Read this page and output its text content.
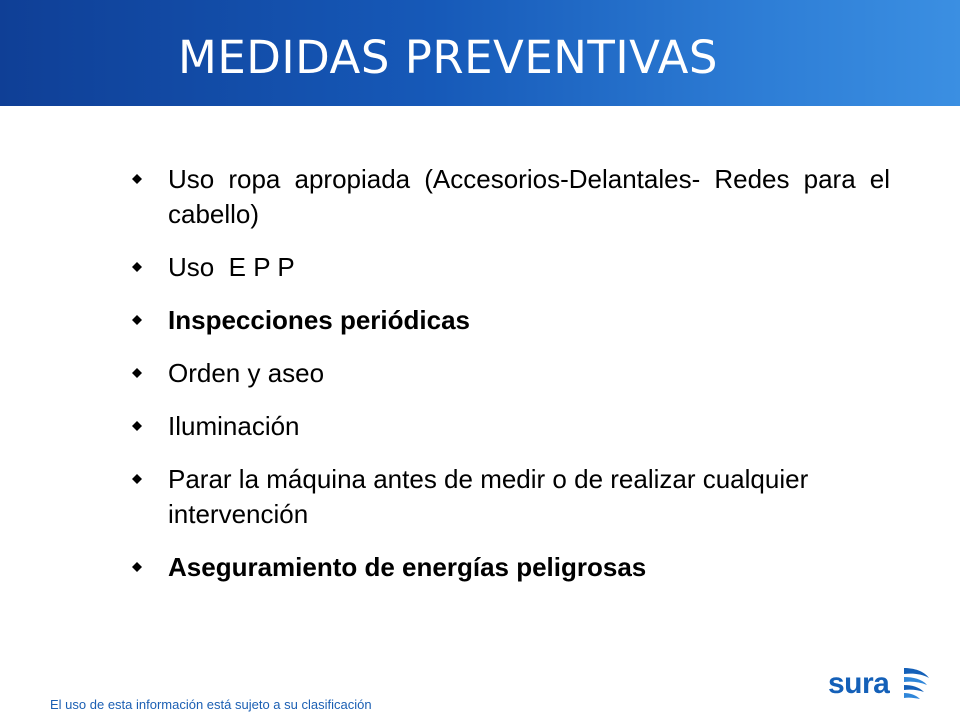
MEDIDAS PREVENTIVAS
Uso ropa apropiada (Accesorios-Delantales- Redes para el cabello)
Uso  E P P
Inspecciones periódicas
Orden y aseo
Iluminación
Parar la máquina antes de medir o de realizar cualquier intervención
Aseguramiento de energías peligrosas
El uso de esta información está sujeto a su clasificación
sura
